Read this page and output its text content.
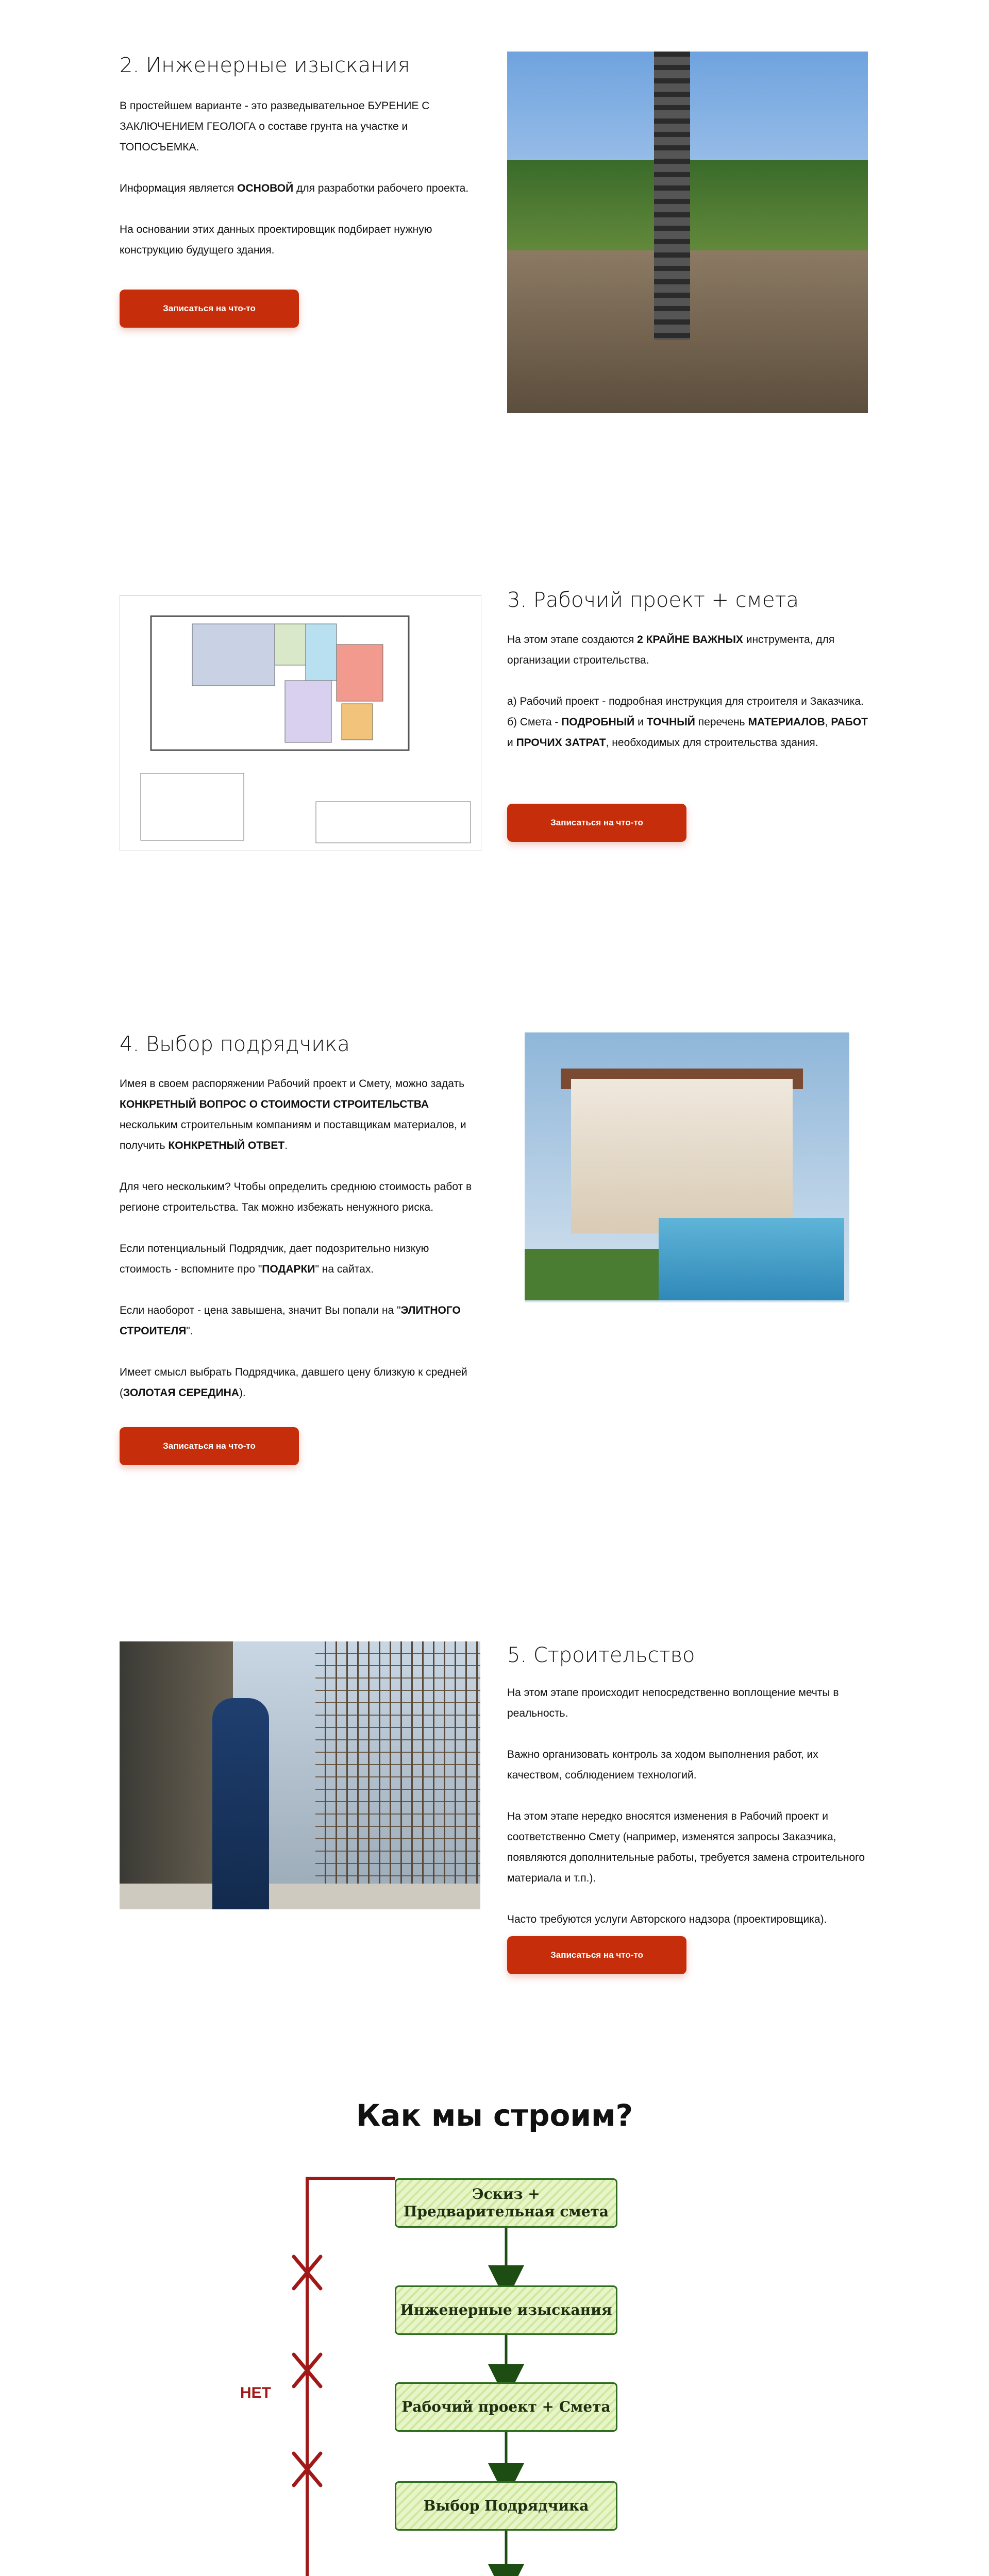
2. Инженерные изыскания

В простейшем варианте - это разведывательное БУРЕНИЕ С ЗАКЛЮЧЕНИЕМ ГЕОЛОГА о составе грунта на участке и ТОПОСЪЕМКА.

Информация является ОСНОВОЙ для разработки рабочего проекта.

На основании этих данных проектировщик подбирает нужную конструкцию будущего здания.

Записаться на что-то
3. Рабочий проект + смета

На этом этапе создаются 2 КРАЙНЕ ВАЖНЫХ инструмента, для организации строительства.

а) Рабочий проект - подробная инструкция для строителя и Заказчика.

б) Смета - ПОДРОБНЫЙ и ТОЧНЫЙ перечень МАТЕРИАЛОВ, РАБОТ и ПРОЧИХ ЗАТРАТ, необходимых для строительства здания.

Записаться на что-то
4. Выбор подрядчика

Имея в своем распоряжении Рабочий проект и Смету, можно задать КОНКРЕТНЫЙ ВОПРОС О СТОИМОСТИ СТРОИТЕЛЬСТВА нескольким строительным компаниям и поставщикам материалов, и получить КОНКРЕТНЫЙ ОТВЕТ.

Для чего нескольким? Чтобы определить среднюю стоимость работ в регионе строительства. Так можно избежать ненужного риска.

Если потенциальный Подрядчик, дает подозрительно низкую стоимость - вспомните про "ПОДАРКИ" на сайтах.

Если наоборот - цена завышена, значит Вы попали на "ЭЛИТНОГО СТРОИТЕЛЯ".

Имеет смысл выбрать Подрядчика, давшего цену близкую к средней (ЗОЛОТАЯ СЕРЕДИНА).

Записаться на что-то
5. Строительство

На этом этапе происходит непосредственно воплощение мечты в реальность.

Важно организовать контроль за ходом выполнения работ, их качеством, соблюдением технологий.

На этом этапе нередко вносятся изменения в Рабочий проект и соответственно Смету (например, изменятся запросы Заказчика, появляются дополнительные работы, требуется замена строительного материала и т.п.).

Часто требуются услуги Авторского надзора (проектировщика).

Записаться на что-то
Как мы строим?
НЕТ
Эскиз + Предварительная смета
Инженерные изыскания
Рабочий проект + Смета
Выбор Подрядчика
